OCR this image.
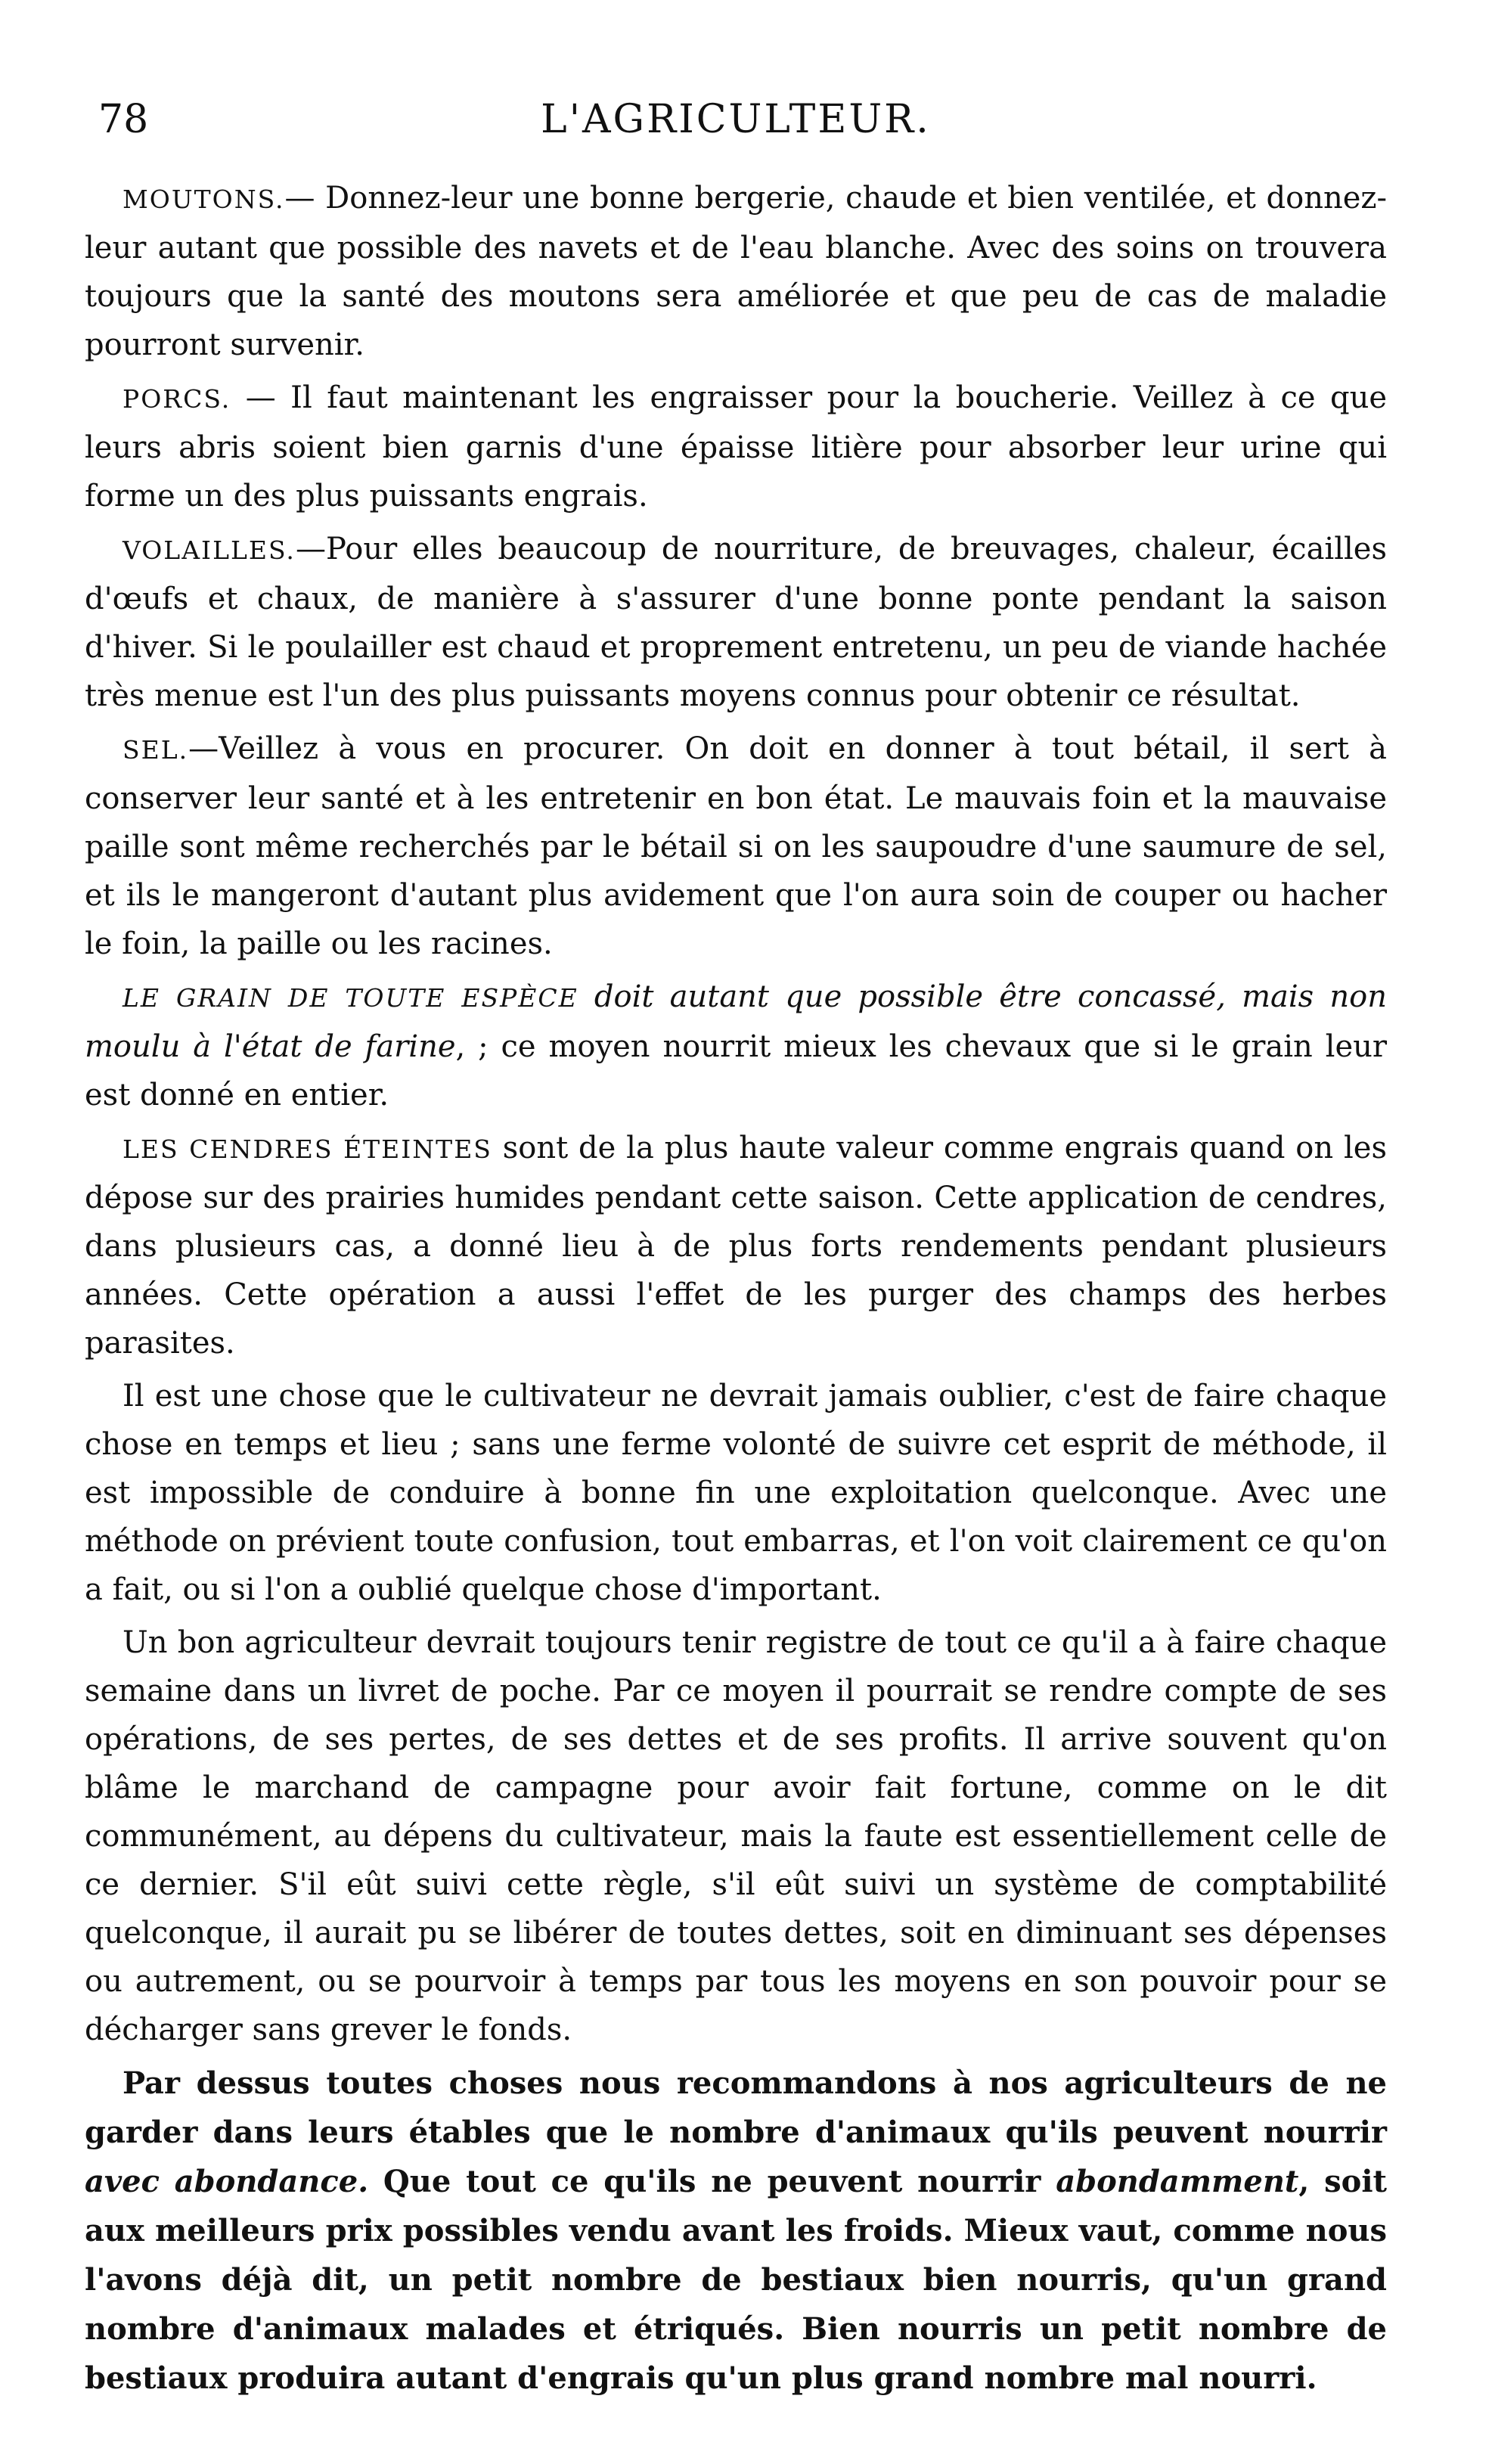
78	L'AGRICULTEUR.

MOUTONS.— Donnez-leur une bonne bergerie, chaude et bien ventilée, et donnez-leur autant que possible des navets et de l'eau blanche. Avec des soins on trouvera toujours que la santé des moutons sera améliorée et que peu de cas de maladie pourront survenir.

PORCS. — Il faut maintenant les engraisser pour la boucherie. Veillez à ce que leurs abris soient bien garnis d'une épaisse litière pour absorber leur urine qui forme un des plus puissants engrais.

VOLAILLES.—Pour elles beaucoup de nourriture, de breuvages, chaleur, écailles d'œufs et chaux, de manière à s'assurer d'une bonne ponte pendant la saison d'hiver. Si le poulailler est chaud et proprement entretenu, un peu de viande hachée très menue est l'un des plus puissants moyens connus pour obtenir ce résultat.

SEL.—Veillez à vous en procurer. On doit en donner à tout bétail, il sert à conserver leur santé et à les entretenir en bon état. Le mauvais foin et la mauvaise paille sont même recherchés par le bétail si on les saupoudre d'une saumure de sel, et ils le mangeront d'autant plus avidement que l'on aura soin de couper ou hacher le foin, la paille ou les racines.

LE GRAIN DE TOUTE ESPÈCE doit autant que possible être concassé, mais non moulu à l'état de farine, ; ce moyen nourrit mieux les chevaux que si le grain leur est donné en entier.

LES CENDRES ÉTEINTES sont de la plus haute valeur comme engrais quand on les dépose sur des prairies humides pendant cette saison. Cette application de cendres, dans plusieurs cas, a donné lieu à de plus forts rendements pendant plusieurs années. Cette opération a aussi l'effet de les purger des champs des herbes parasites.

Il est une chose que le cultivateur ne devrait jamais oublier, c'est de faire chaque chose en temps et lieu ; sans une ferme volonté de suivre cet esprit de méthode, il est impossible de conduire à bonne fin une exploitation quelconque. Avec une méthode on prévient toute confusion, tout embarras, et l'on voit clairement ce qu'on a fait, ou si l'on a oublié quelque chose d'important.

Un bon agriculteur devrait toujours tenir registre de tout ce qu'il a à faire chaque semaine dans un livret de poche. Par ce moyen il pourrait se rendre compte de ses opérations, de ses pertes, de ses dettes et de ses profits. Il arrive souvent qu'on blâme le marchand de campagne pour avoir fait fortune, comme on le dit communément, au dépens du cultivateur, mais la faute est essentiellement celle de ce dernier. S'il eût suivi cette règle, s'il eût suivi un système de comptabilité quelconque, il aurait pu se libérer de toutes dettes, soit en diminuant ses dépenses ou autrement, ou se pourvoir à temps par tous les moyens en son pouvoir pour se décharger sans grever le fonds.

Par dessus toutes choses nous recommandons à nos agriculteurs de ne garder dans leurs étables que le nombre d'animaux qu'ils peuvent nourrir avec abondance. Que tout ce qu'ils ne peuvent nourrir abondamment, soit aux meilleurs prix possibles vendu avant les froids. Mieux vaut, comme nous l'avons déjà dit, un petit nombre de bestiaux bien nourris, qu'un grand nombre d'animaux malades et étriqués. Bien nourris un petit nombre de bestiaux produira autant d'engrais qu'un plus grand nombre mal nourri.
